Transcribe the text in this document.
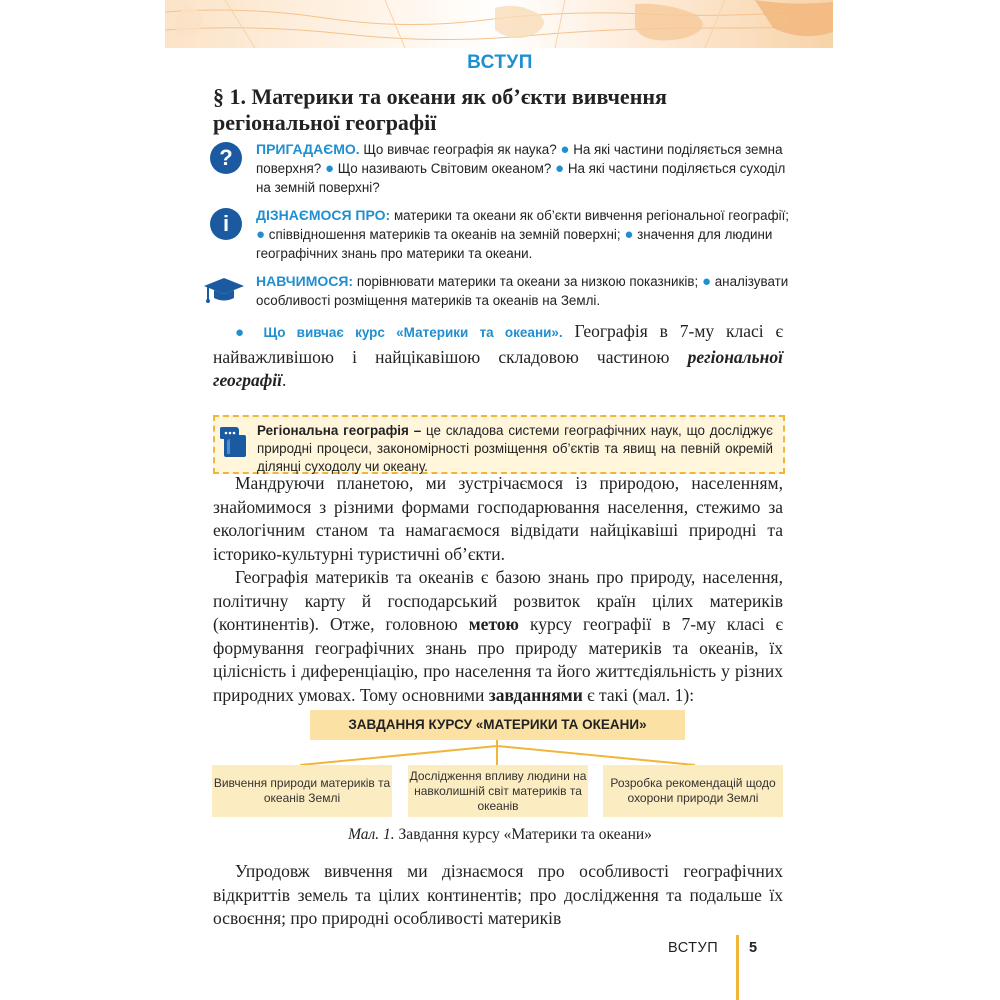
ВСТУП
§ 1. Материки та океани як об’єкти вивчення регіональної географії
?	ПРИГАДАЄМО. Що вивчає географія як наука? ● На які частини поділяється земна поверхня? ● Що називають Світовим океаном? ● На які частини поділяється суходіл на земній поверхні?
i	ДІЗНАЄМОСЯ ПРО: материки та океани як об’єкти вивчення регіональної географії; ● співвідношення материків та океанів на земній поверхні; ● значення для людини географічних знань про материки та океани.
НАВЧИМОСЯ: порівнювати материки та океани за низкою показників; ● аналізувати особливості розміщення материків та океанів на Землі.

● Що вивчає курс «Материки та океани». Географія в 7-му класі є найважливішою і найцікавішою складовою частиною регіональної географії.

Регіональна географія – це складова системи географічних наук, що досліджує природні процеси, закономірності розміщення об’єктів та явищ на певній окремій ділянці суходолу чи океану.

Мандруючи планетою, ми зустрічаємося із природою, населенням, знайомимося з різними формами господарювання населення, стежимо за екологічним станом та намагаємося відвідати найцікавіші природні та історико-культурні туристичні об’єкти.

Географія материків та океанів є базою знань про природу, населення, політичну карту й господарський розвиток країн цілих материків (континентів). Отже, головною метою курсу географії в 7-му класі є формування географічних знань про природу материків та океанів, їх цілісність і диференціацію, про населення та його життєдіяльність у різних природних умовах. Тому основними завданнями є такі (мал. 1):

ЗАВДАННЯ КУРСУ «МАТЕРИКИ ТА ОКЕАНИ»
Вивчення природи материків та океанів Землі
Дослідження впливу людини на навколишній світ материків та океанів
Розробка рекомендацій щодо охорони природи Землі
Мал. 1. Завдання курсу «Материки та океани»

Упродовж вивчення ми дізнаємося про особливості географічних відкриттів земель та цілих континентів; про дослідження та подальше їх освоєння; про природні особливості материків

ВСТУП 5
